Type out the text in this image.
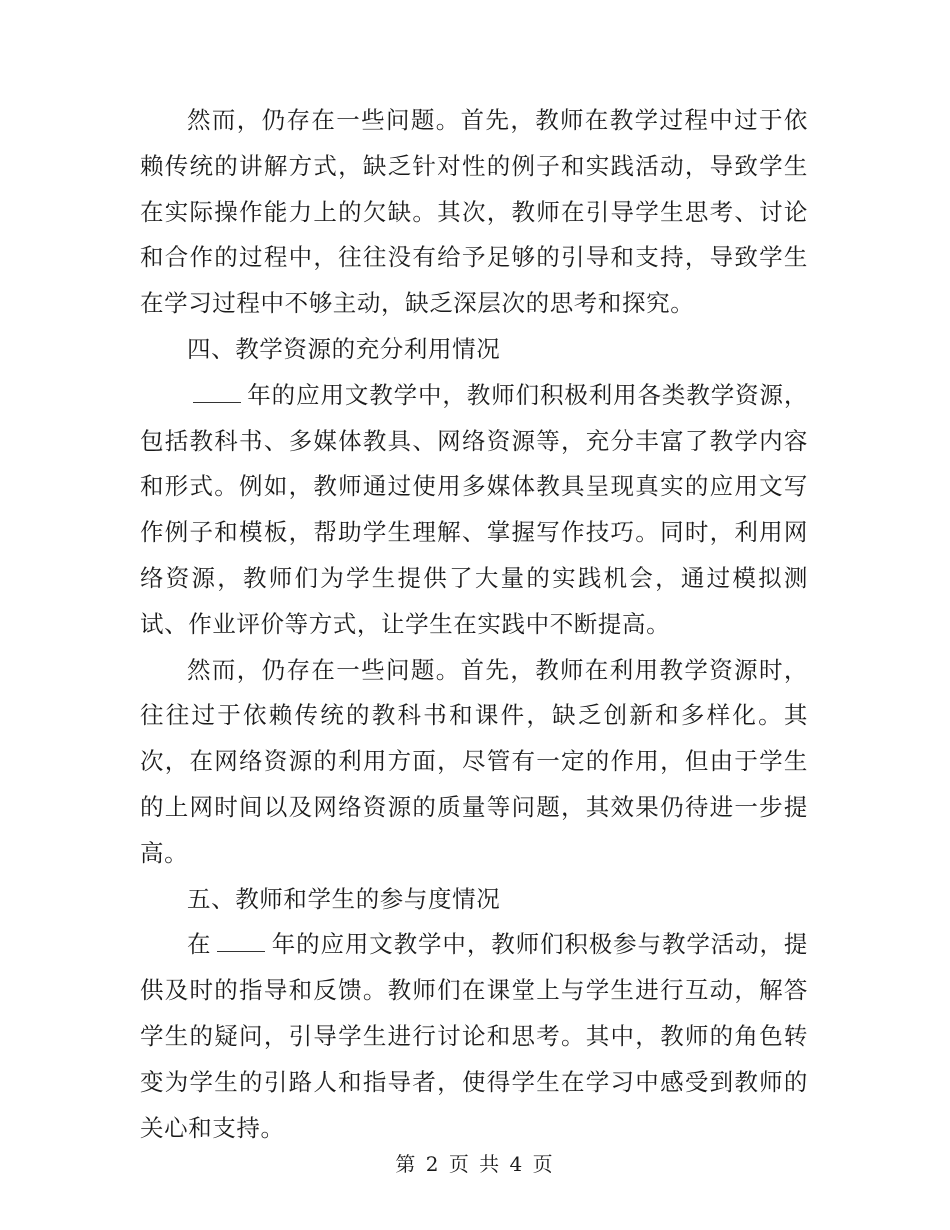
然而，仍存在一些问题。首先，教师在教学过程中过于依赖传统的讲解方式，缺乏针对性的例子和实践活动，导致学生在实际操作能力上的欠缺。其次，教师在引导学生思考、讨论和合作的过程中，往往没有给予足够的引导和支持，导致学生在学习过程中不够主动，缺乏深层次的思考和探究。

四、教学资源的充分利用情况

年的应用文教学中，教师们积极利用各类教学资源，包括教科书、多媒体教具、网络资源等，充分丰富了教学内容和形式。例如，教师通过使用多媒体教具呈现真实的应用文写作例子和模板，帮助学生理解、掌握写作技巧。同时，利用网络资源，教师们为学生提供了大量的实践机会，通过模拟测试、作业评价等方式，让学生在实践中不断提高。

然而，仍存在一些问题。首先，教师在利用教学资源时，往往过于依赖传统的教科书和课件，缺乏创新和多样化。其次，在网络资源的利用方面，尽管有一定的作用，但由于学生的上网时间以及网络资源的质量等问题，其效果仍待进一步提高。

五、教师和学生的参与度情况

在	年的应用文教学中，教师们积极参与教学活动，提供及时的指导和反馈。教师们在课堂上与学生进行互动，解答学生的疑问，引导学生进行讨论和思考。其中，教师的角色转变为学生的引路人和指导者，使得学生在学习中感受到教师的关心和支持。

第 2 页 共 4 页
